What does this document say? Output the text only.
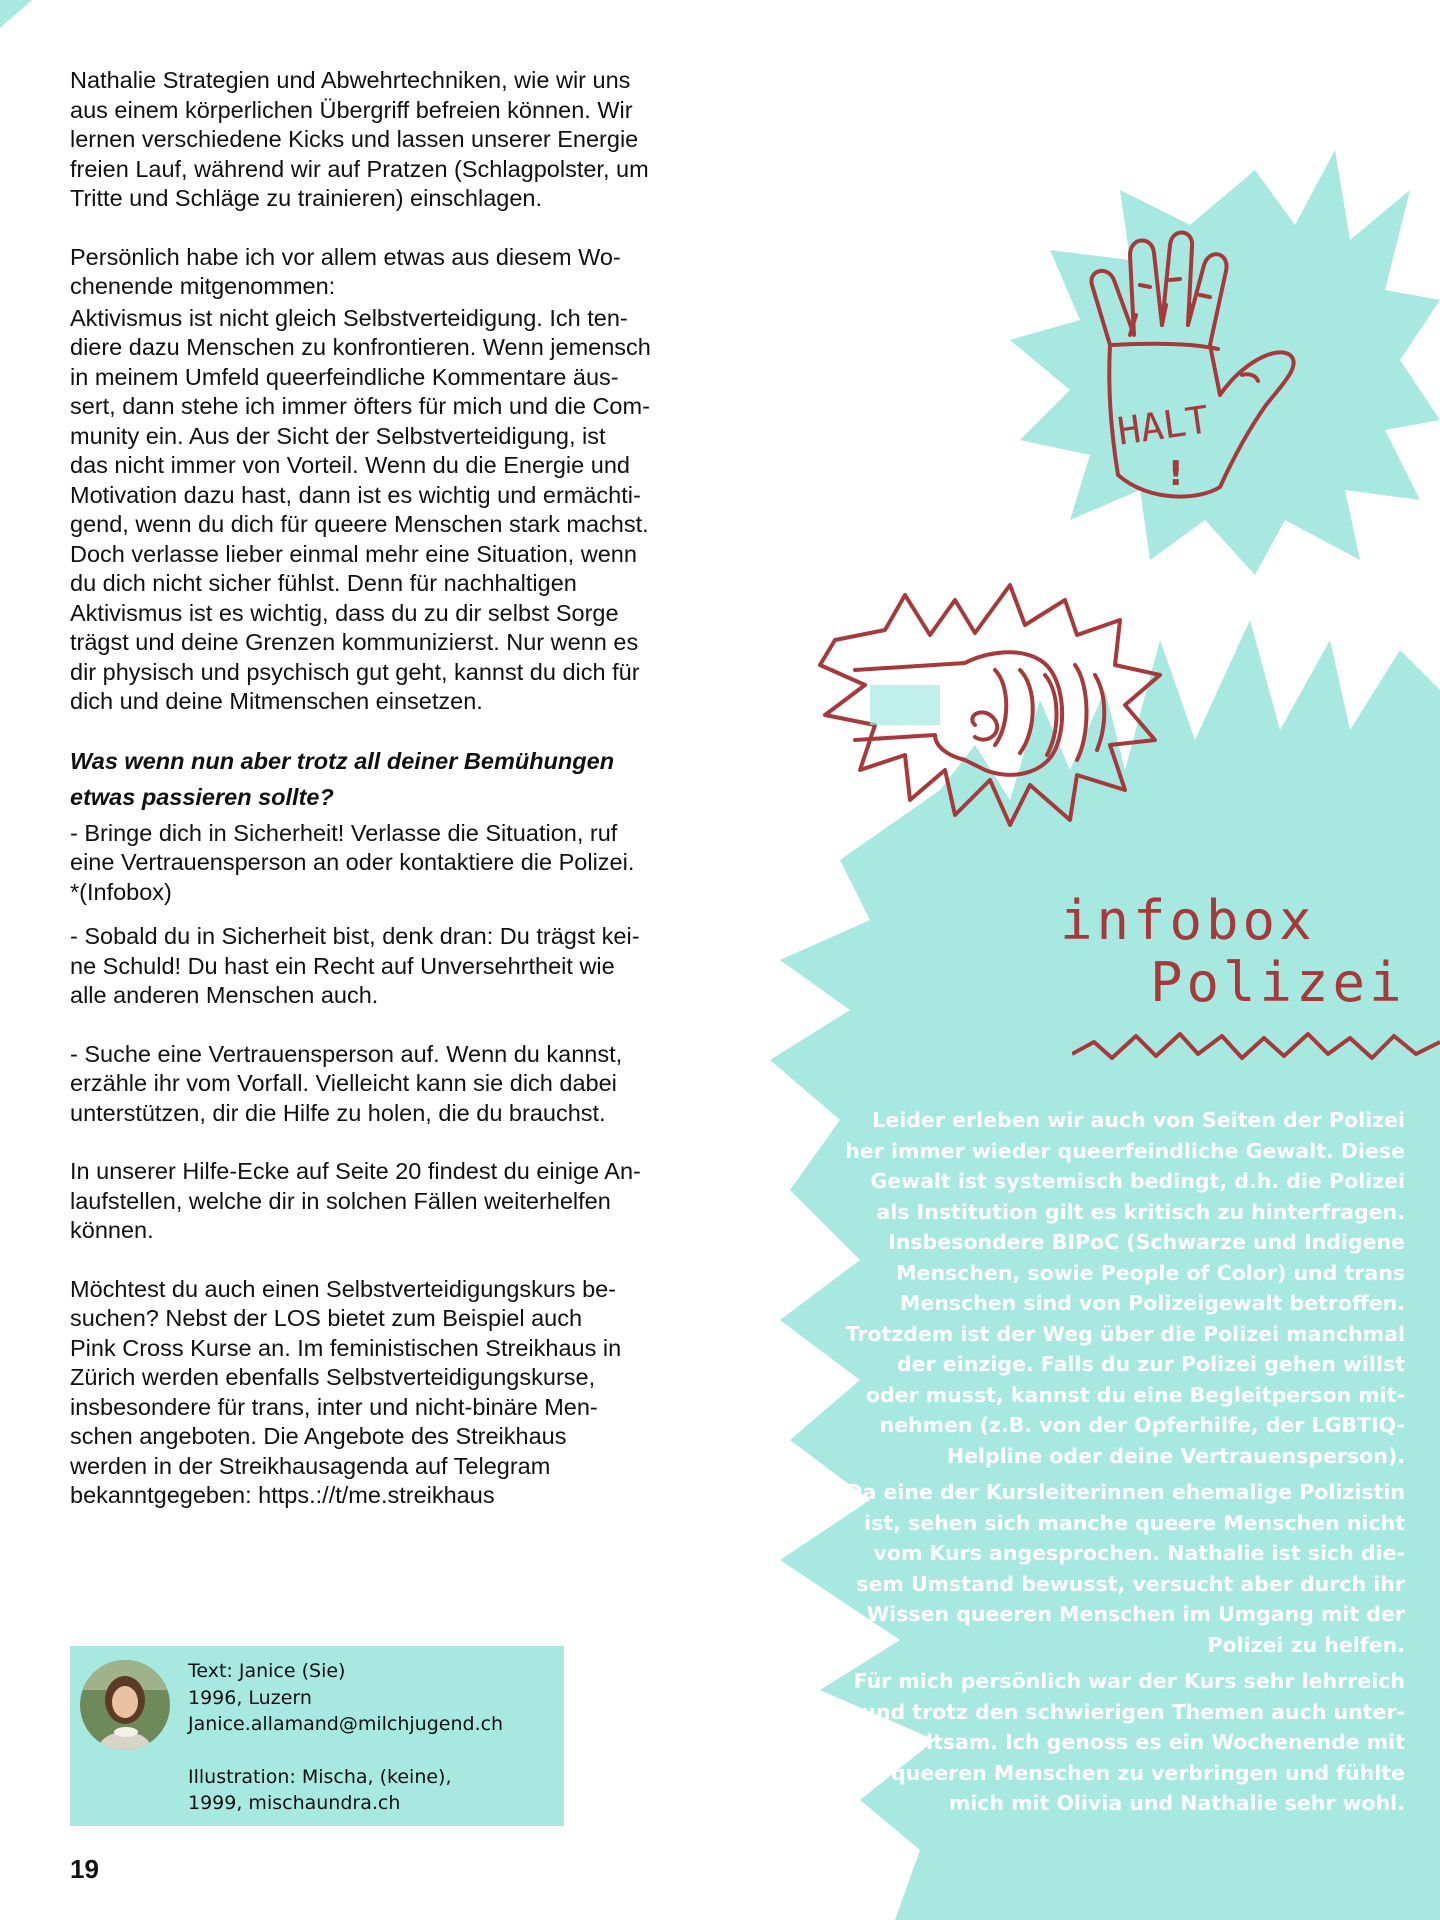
Nathalie Strategien und Abwehrtechniken, wie wir uns

aus einem körperlichen Übergriff befreien können. Wir

lernen verschiedene Kicks und lassen unserer Energie

freien Lauf, während wir auf Pratzen (Schlagpolster, um

Tritte und Schläge zu trainieren) einschlagen.

Persönlich habe ich vor allem etwas aus diesem Wo-

chenende mitgenommen:

Aktivismus ist nicht gleich Selbstverteidigung. Ich ten-

diere dazu Menschen zu konfrontieren. Wenn jemensch

in meinem Umfeld queerfeindliche Kommentare äus-

sert, dann stehe ich immer öfters für mich und die Com-

munity ein. Aus der Sicht der Selbstverteidigung, ist

das nicht immer von Vorteil. Wenn du die Energie und

Motivation dazu hast, dann ist es wichtig und ermächti-

gend, wenn du dich für queere Menschen stark machst.

Doch verlasse lieber einmal mehr eine Situation, wenn

du dich nicht sicher fühlst. Denn für nachhaltigen

Aktivismus ist es wichtig, dass du zu dir selbst Sorge

trägst und deine Grenzen kommunizierst. Nur wenn es

dir physisch und psychisch gut geht, kannst du dich für

dich und deine Mitmenschen einsetzen.

Was wenn nun aber trotz all deiner Bemühungen

etwas passieren sollte?

- Bringe dich in Sicherheit! Verlasse die Situation, ruf

eine Vertrauensperson an oder kontaktiere die Polizei.

*(Infobox)

- Sobald du in Sicherheit bist, denk dran: Du trägst kei-

ne Schuld! Du hast ein Recht auf Unversehrtheit wie

alle anderen Menschen auch.

- Suche eine Vertrauensperson auf. Wenn du kannst,

erzähle ihr vom Vorfall. Vielleicht kann sie dich dabei

unterstützen, dir die Hilfe zu holen, die du brauchst.

In unserer Hilfe-Ecke auf Seite 20 findest du einige An-

laufstellen, welche dir in solchen Fällen weiterhelfen

können.

Möchtest du auch einen Selbstverteidigungskurs be-

suchen? Nebst der LOS bietet zum Beispiel auch

Pink Cross Kurse an. Im feministischen Streikhaus in

Zürich werden ebenfalls Selbstverteidigungskurse,

insbesondere für trans, inter und nicht-binäre Men-

schen angeboten. Die Angebote des Streikhaus

werden in der Streikhausagenda auf Telegram

bekanntgegeben: https.://t/me.streikhaus

HALT
!
infobox
Polizei

Leider erleben wir auch von Seiten der Polizei
her immer wieder queerfeindliche Gewalt. Diese
Gewalt ist systemisch bedingt, d.h. die Polizei
als Institution gilt es kritisch zu hinterfragen.
Insbesondere BIPoC (Schwarze und Indigene
Menschen, sowie People of Color) und trans
Menschen sind von Polizeigewalt betroffen.
Trotzdem ist der Weg über die Polizei manchmal
der einzige. Falls du zur Polizei gehen willst
oder musst, kannst du eine Begleitperson mit-
nehmen (z.B. von der Opferhilfe, der LGBTIQ-
Helpline oder deine Vertrauensperson).

Da eine der Kursleiterinnen ehemalige Polizistin
ist, sehen sich manche queere Menschen nicht
vom Kurs angesprochen. Nathalie ist sich die-
sem Umstand bewusst, versucht aber durch ihr
Wissen queeren Menschen im Umgang mit der
Polizei zu helfen.

Für mich persönlich war der Kurs sehr lehrreich
und trotz den schwierigen Themen auch unter-
haltsam. Ich genoss es ein Wochenende mit
queeren Menschen zu verbringen und fühlte
mich mit Olivia und Nathalie sehr wohl.

Text: Janice (Sie)
1996, Luzern
Janice.allamand@milchjugend.ch
Illustration: Mischa, (keine),
1999, mischaundra.ch
19
